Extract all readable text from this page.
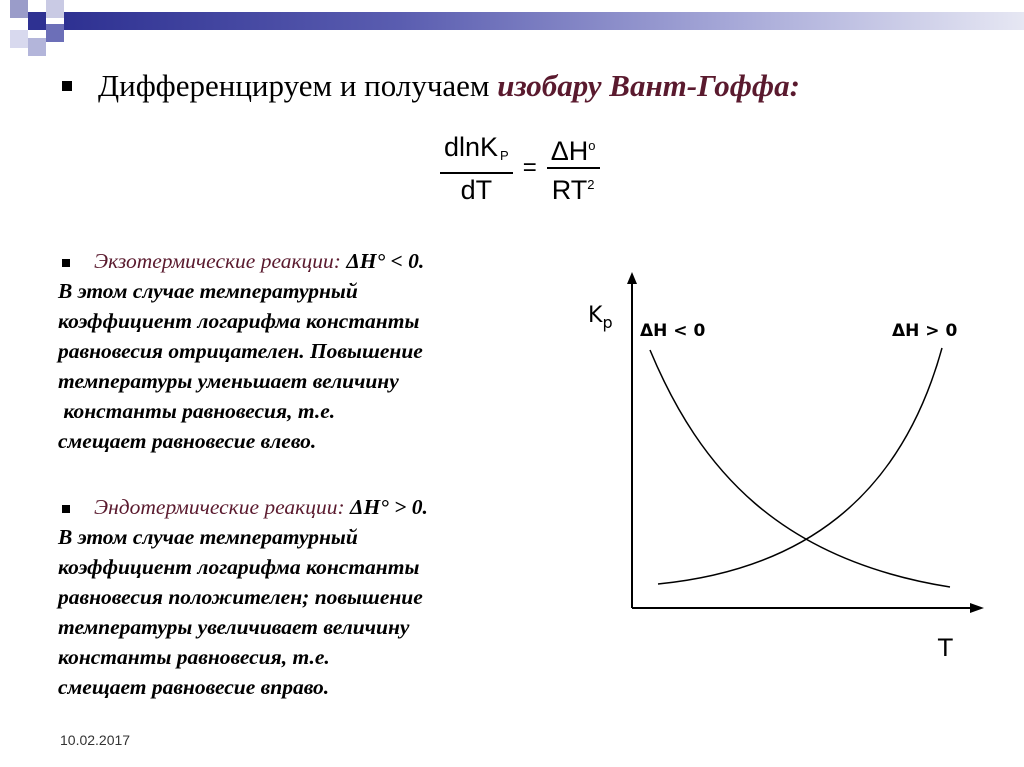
Дифференцируем и получаем изобару Вант-Гоффа:
$\frac{dlnK _P}{dT} = \frac{\Delta H^o}{RT^2}$
Экзотермические реакции: ΔH° < 0.
В этом случае температурный
коэффициент логарифма константы
равновесия отрицателен. Повышение
температуры уменьшает величину
константы равновесия, т.е.
смещает равновесие влево.
Эндотермические реакции: ΔH° > 0.
В этом случае температурный
коэффициент логарифма константы
равновесия положителен; повышение
температуры увеличивает величину
константы равновесия, т.е.
смещает равновесие вправо.
$K_p$
T
ΔH < 0	ΔH > 0
10.02.2017
